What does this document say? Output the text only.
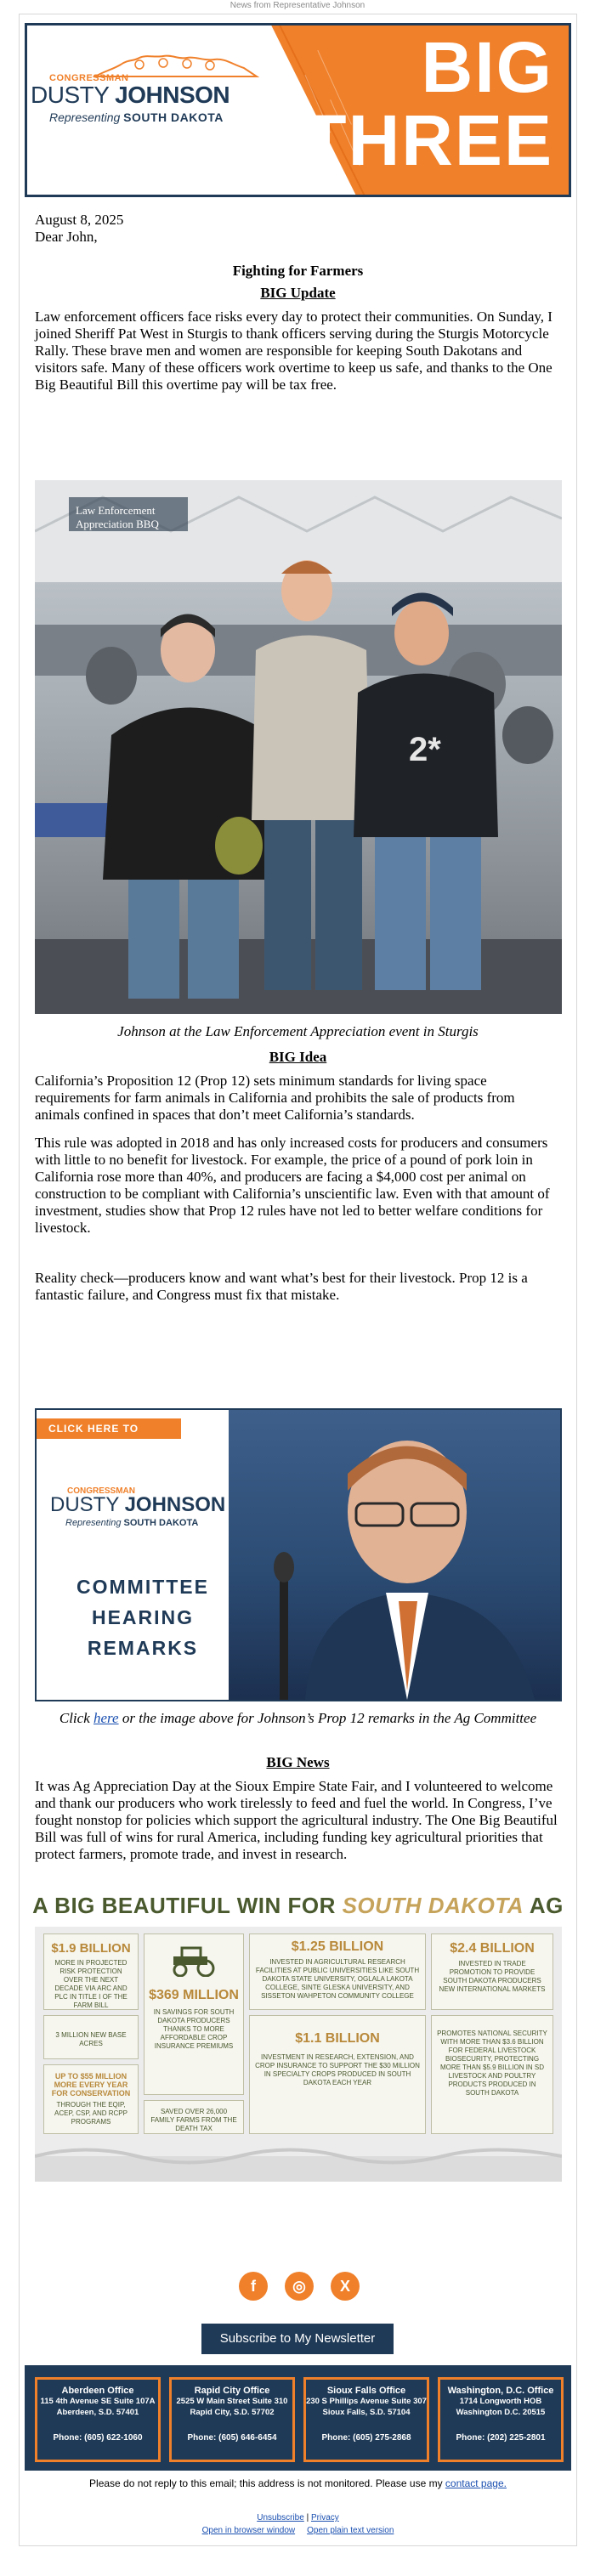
News from Representative Johnson
BIG
THREE
CONGRESSMAN
DUSTY JOHNSON
Representing SOUTH DAKOTA
August 8, 2025
Dear John,
Fighting for Farmers
BIG Update
Law enforcement officers face risks every day to protect their communities. On Sunday, I joined Sheriff Pat West in Sturgis to thank officers serving during the Sturgis Motorcycle Rally. These brave men and women are responsible for keeping South Dakotans and visitors safe. Many of these officers work overtime to keep us safe, and thanks to the One Big Beautiful Bill this overtime pay will be tax free.
2*
Law Enforcement Appreciation BBQ
Johnson at the Law Enforcement Appreciation event in Sturgis
BIG Idea
California’s Proposition 12 (Prop 12) sets minimum standards for living space requirements for farm animals in California and prohibits the sale of products from animals confined in spaces that don’t meet California’s standards.
This rule was adopted in 2018 and has only increased costs for producers and consumers with little to no benefit for livestock. For example, the price of a pound of pork loin in California rose more than 40%, and producers are facing a $4,000 cost per animal on construction to be compliant with California’s unscientific law. Even with that amount of investment, studies show that Prop 12 rules have not led to better welfare conditions for livestock.
Reality check—producers know and want what’s best for their livestock. Prop 12 is a fantastic failure, and Congress must fix that mistake.
CLICK HERE TO WATCH
CONGRESSMAN
DUSTY JOHNSON
Representing SOUTH DAKOTA
COMMITTEE
HEARING
REMARKS
Click here or the image above for Johnson’s Prop 12 remarks in the Ag Committee
BIG News
It was Ag Appreciation Day at the Sioux Empire State Fair, and I volunteered to welcome and thank our producers who work tirelessly to feed and fuel the world. In Congress, I’ve fought nonstop for policies which support the agricultural industry. The One Big Beautiful Bill was full of wins for rural America, including funding key agricultural priorities that protect farmers, promote trade, and invest in research.
A BIG BEAUTIFUL WIN FOR SOUTH DAKOTA AG
$1.9 BILLION
MORE IN PROJECTED RISK PROTECTION OVER THE NEXT DECADE VIA ARC AND PLC IN TITLE I OF THE FARM BILL
$369 MILLION
IN SAVINGS FOR SOUTH DAKOTA PRODUCERS THANKS TO MORE AFFORDABLE CROP INSURANCE PREMIUMS
$1.25 BILLION
INVESTED IN AGRICULTURAL RESEARCH FACILITIES AT PUBLIC UNIVERSITIES LIKE SOUTH DAKOTA STATE UNIVERSITY, OGLALA LAKOTA COLLEGE, SINTE GLESKA UNIVERSITY, AND SISSETON WAHPETON COMMUNITY COLLEGE
$2.4 BILLION
INVESTED IN TRADE PROMOTION TO PROVIDE SOUTH DAKOTA PRODUCERS NEW INTERNATIONAL MARKETS
3 MILLION NEW BASE ACRES	$1.1 BILLION
INVESTMENT IN RESEARCH, EXTENSION, AND CROP INSURANCE TO SUPPORT THE $30 MILLION IN SPECIALTY CROPS PRODUCED IN SOUTH DAKOTA EACH YEAR
PROMOTES NATIONAL SECURITY WITH MORE THAN $3.6 BILLION FOR FEDERAL LIVESTOCK BIOSECURITY, PROTECTING MORE THAN $5.9 BILLION IN SD LIVESTOCK AND POULTRY PRODUCTS PRODUCED IN SOUTH DAKOTA
UP TO $55 MILLION MORE EVERY YEAR FOR CONSERVATION
THROUGH THE EQIP, ACEP, CSP, AND RCPP PROGRAMS
SAVED OVER 26,000 FAMILY FARMS FROM THE DEATH TAX
f	◎	X
Subscribe to My Newsletter
Aberdeen Office
115 4th Avenue SE Suite 107A
Aberdeen, S.D. 57401
Phone: (605) 622-1060
Rapid City Office
2525 W Main Street Suite 310
Rapid City, S.D. 57702
Phone: (605) 646-6454
Sioux Falls Office
230 S Phillips Avenue Suite 307
Sioux Falls, S.D. 57104
Phone: (605) 275-2868
Washington, D.C. Office
1714 Longworth HOB
Washington D.C. 20515
Phone: (202) 225-2801
Please do not reply to this email; this address is not monitored. Please use my contact page.
Unsubscribe | Privacy
Open in browser window Open plain text version
